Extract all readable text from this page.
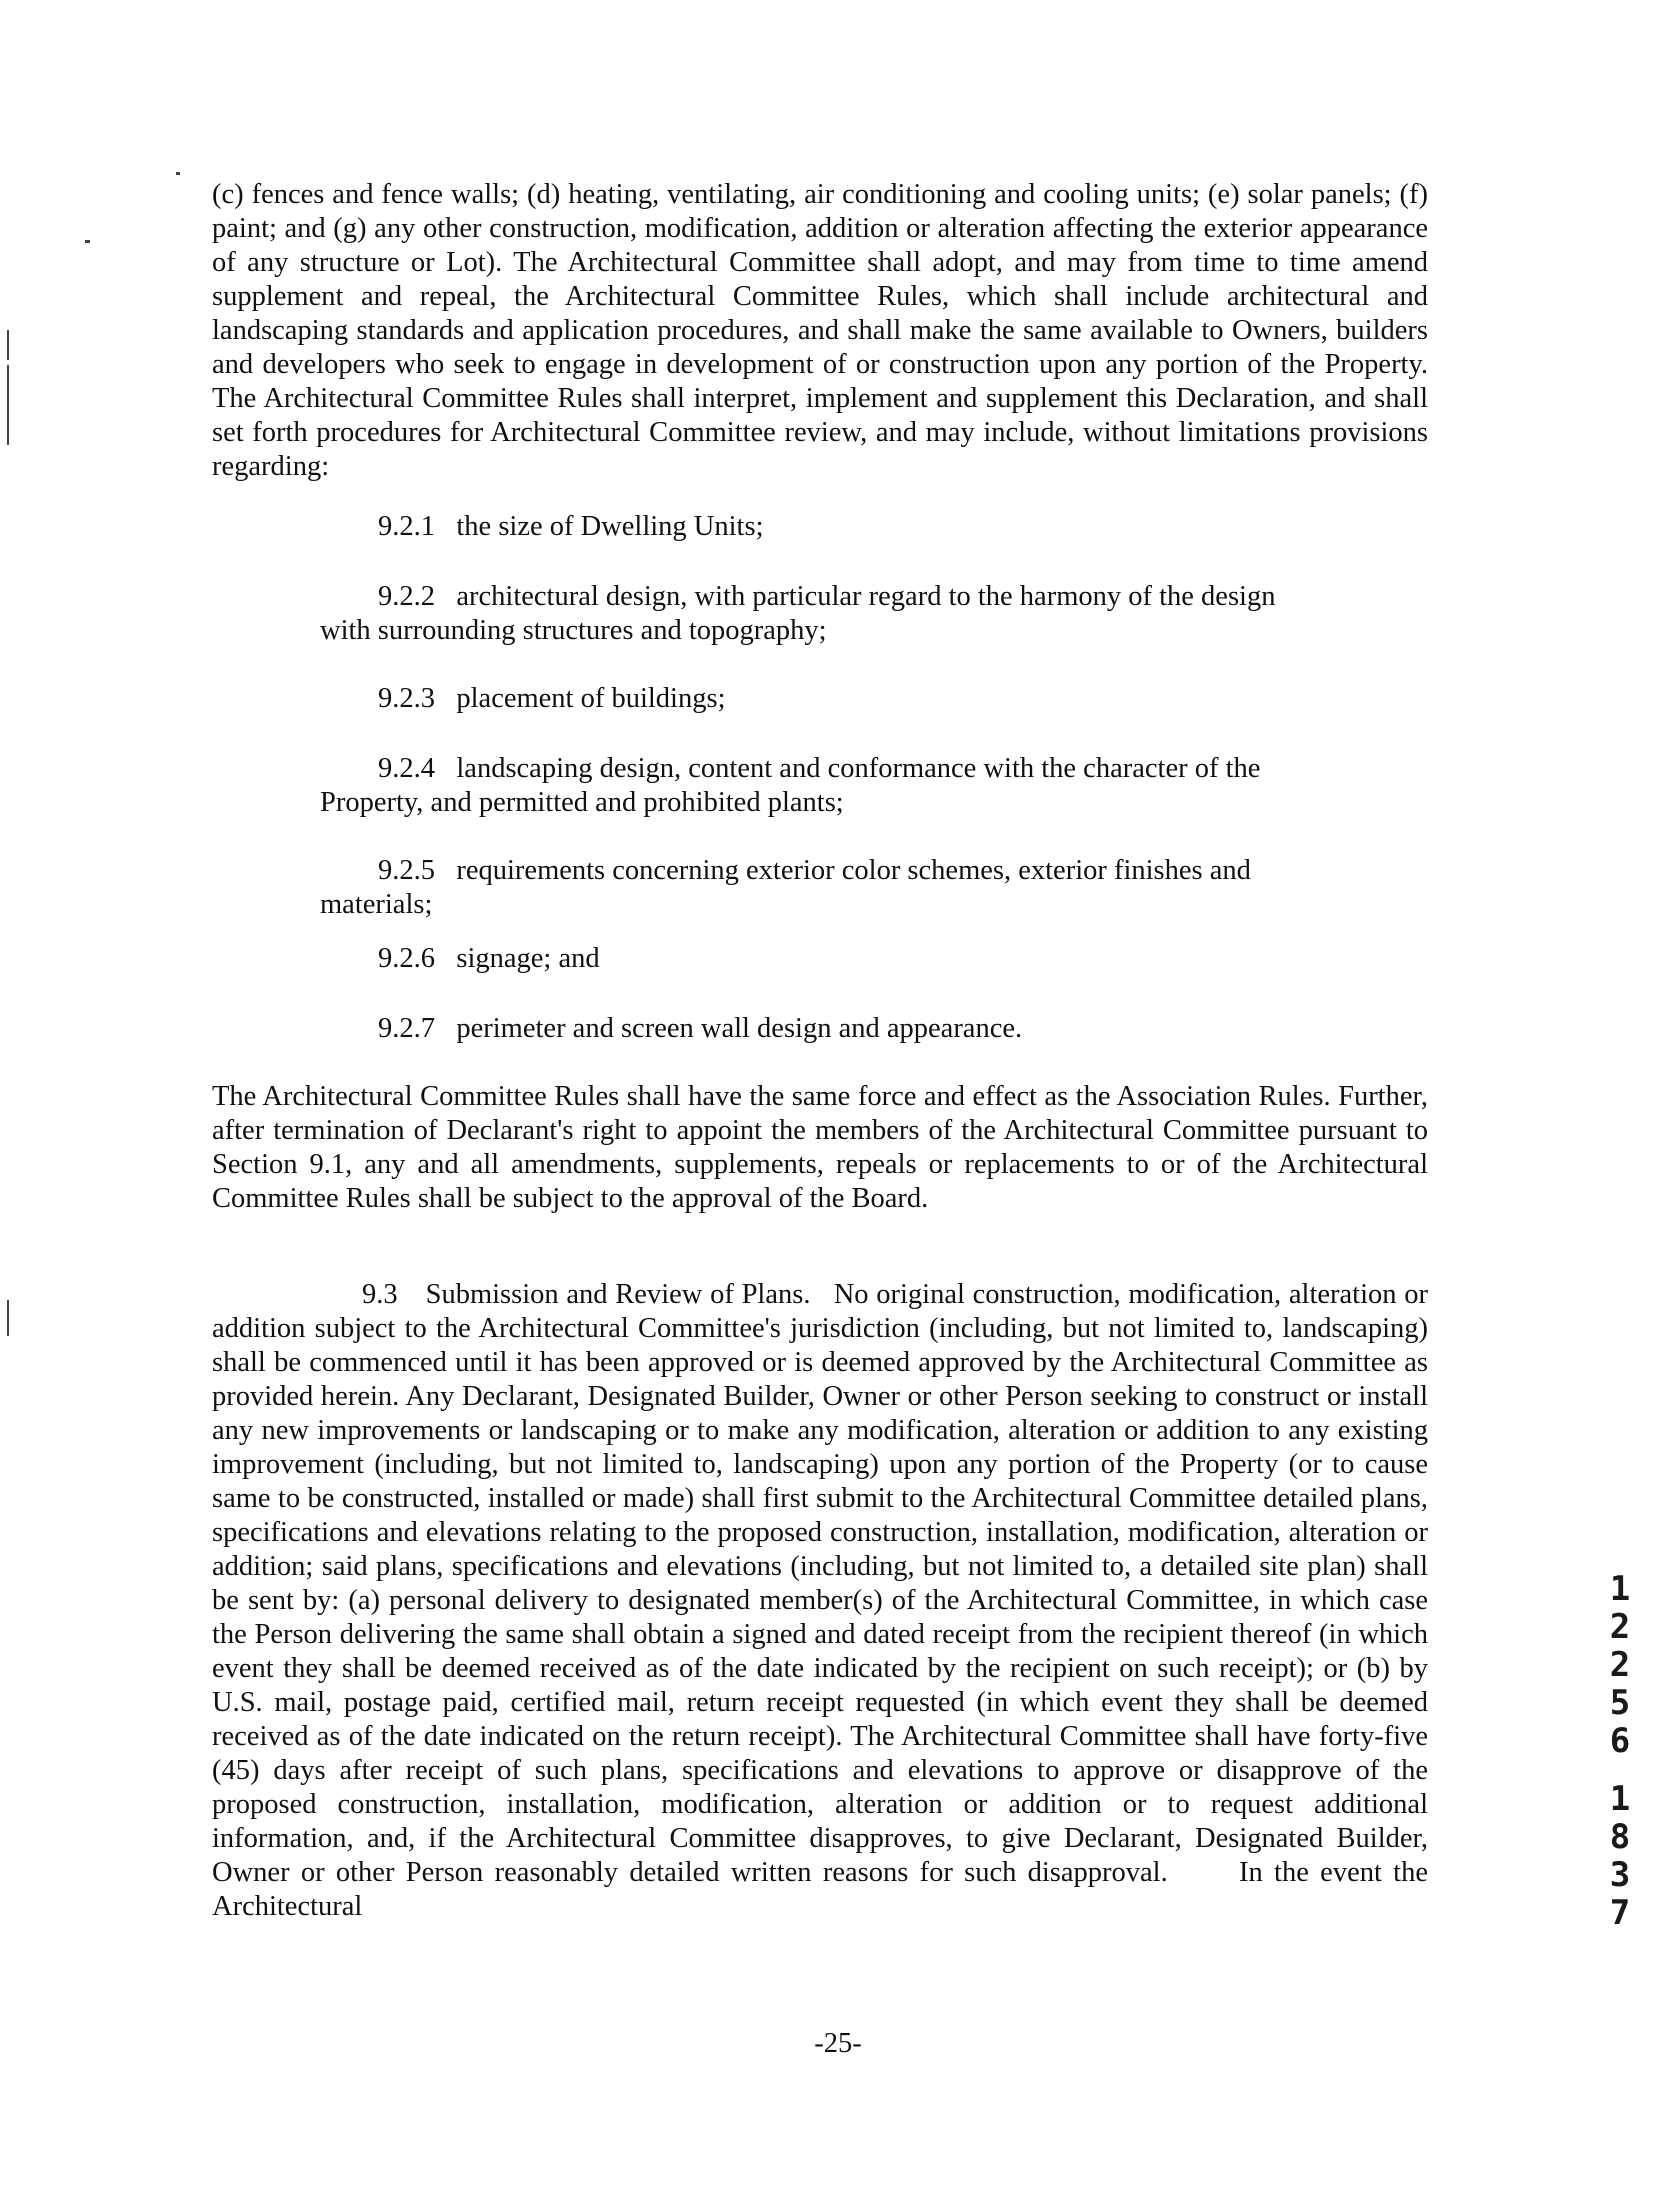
(c) fences and fence walls; (d) heating, ventilating, air conditioning and cooling units; (e) solar panels; (f) paint; and (g) any other construction, modification, addition or alteration affecting the exterior appearance of any structure or Lot). The Architectural Committee shall adopt, and may from time to time amend supplement and repeal, the Architectural Committee Rules, which shall include architectural and landscaping standards and application procedures, and shall make the same available to Owners, builders and developers who seek to engage in development of or construction upon any portion of the Property. The Architectural Committee Rules shall interpret, implement and supplement this Declaration, and shall set forth procedures for Architectural Committee review, and may include, without limitations provisions regarding:

9.2.1 the size of Dwelling Units;
9.2.2 architectural design, with particular regard to the harmony of the design
with surrounding structures and topography;
9.2.3 placement of buildings;
9.2.4 landscaping design, content and conformance with the character of the
Property, and permitted and prohibited plants;
9.2.5 requirements concerning exterior color schemes, exterior finishes and
materials;
9.2.6 signage; and
9.2.7 perimeter and screen wall design and appearance.

The Architectural Committee Rules shall have the same force and effect as the Association Rules. Further, after termination of Declarant's right to appoint the members of the Architectural Committee pursuant to Section 9.1, any and all amendments, supplements, repeals or replacements to or of the Architectural Committee Rules shall be subject to the approval of the Board.

9.3 Submission and Review of Plans. No original construction, modification, alteration or addition subject to the Architectural Committee's jurisdiction (including, but not limited to, landscaping) shall be commenced until it has been approved or is deemed approved by the Architectural Committee as provided herein. Any Declarant, Designated Builder, Owner or other Person seeking to construct or install any new improvements or landscaping or to make any modification, alteration or addition to any existing improvement (including, but not limited to, landscaping) upon any portion of the Property (or to cause same to be constructed, installed or made) shall first submit to the Architectural Committee detailed plans, specifications and elevations relating to the proposed construction, installation, modification, alteration or addition; said plans, specifications and elevations (including, but not limited to, a detailed site plan) shall be sent by: (a) personal delivery to designated member(s) of the Architectural Committee, in which case the Person delivering the same shall obtain a signed and dated receipt from the recipient thereof (in which event they shall be deemed received as of the date indicated by the recipient on such receipt); or (b) by U.S. mail, postage paid, certified mail, return receipt requested (in which event they shall be deemed received as of the date indicated on the return receipt). The Architectural Committee shall have forty-five (45) days after receipt of such plans, specifications and elevations to approve or disapprove of the proposed construction, installation, modification, alteration or addition or to request additional information, and, if the Architectural Committee disapproves, to give Declarant, Designated Builder, Owner or other Person reasonably detailed written reasons for such disapproval.	In the event the Architectural

-25-

1
2
2
5
6
1
8
3
7
